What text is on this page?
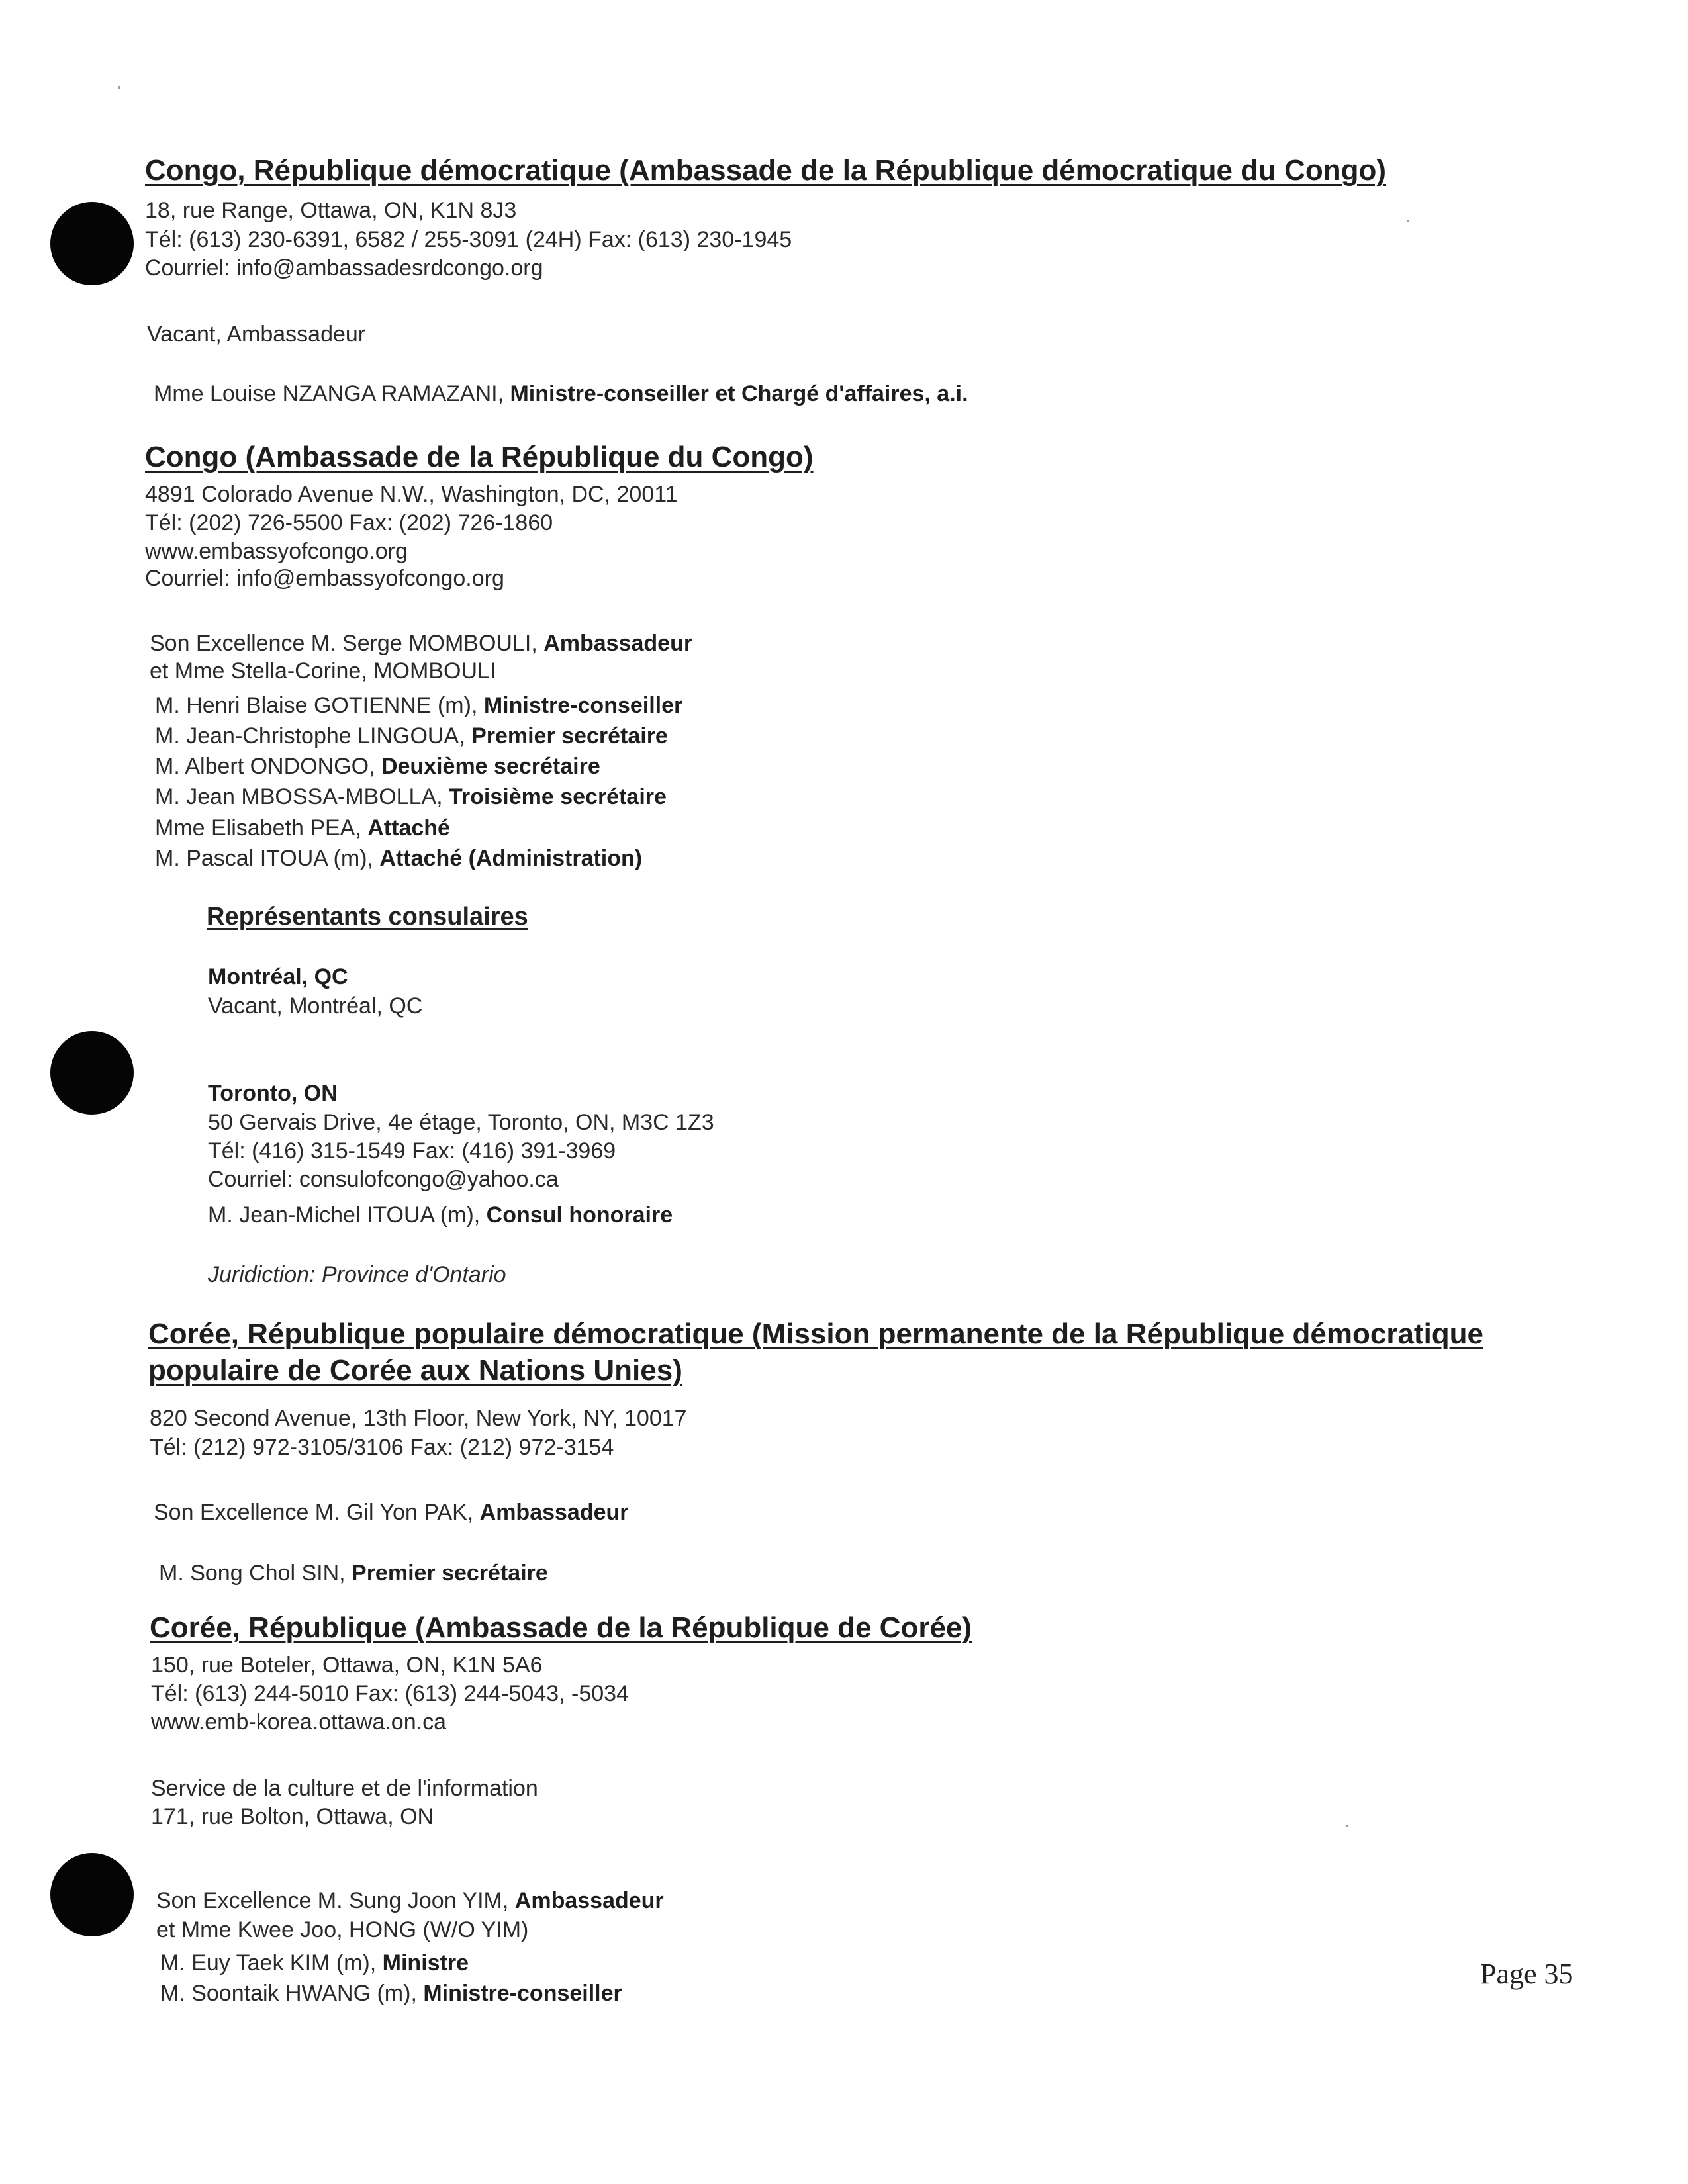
Congo, République démocratique (Ambassade de la République démocratique du Congo)
18, rue Range, Ottawa, ON, K1N 8J3
Tél: (613) 230-6391, 6582 / 255-3091 (24H) Fax: (613) 230-1945
Courriel: info@ambassadesrdcongo.org
Vacant, Ambassadeur
Mme Louise NZANGA RAMAZANI, Ministre-conseiller et Chargé d'affaires, a.i.
Congo (Ambassade de la République du Congo)
4891 Colorado Avenue N.W., Washington, DC, 20011
Tél: (202) 726-5500 Fax: (202) 726-1860
www.embassyofcongo.org
Courriel: info@embassyofcongo.org
Son Excellence M. Serge MOMBOULI, Ambassadeur
et Mme Stella-Corine, MOMBOULI
M. Henri Blaise GOTIENNE (m), Ministre-conseiller
M. Jean-Christophe LINGOUA, Premier secrétaire
M. Albert ONDONGO, Deuxième secrétaire
M. Jean MBOSSA-MBOLLA, Troisième secrétaire
Mme Elisabeth PEA, Attaché
M. Pascal ITOUA (m), Attaché (Administration)
Représentants consulaires
Montréal, QC
Vacant, Montréal, QC
Toronto, ON
50 Gervais Drive, 4e étage, Toronto, ON, M3C 1Z3
Tél: (416) 315-1549 Fax: (416) 391-3969
Courriel: consulofcongo@yahoo.ca
M. Jean-Michel ITOUA (m), Consul honoraire
Juridiction: Province d'Ontario
Corée, République populaire démocratique (Mission permanente de la République démocratique
populaire de Corée aux Nations Unies)
820 Second Avenue, 13th Floor, New York, NY, 10017
Tél: (212) 972-3105/3106 Fax: (212) 972-3154
Son Excellence M. Gil Yon PAK, Ambassadeur
M. Song Chol SIN, Premier secrétaire
Corée, République (Ambassade de la République de Corée)
150, rue Boteler, Ottawa, ON, K1N 5A6
Tél: (613) 244-5010 Fax: (613) 244-5043, -5034
www.emb-korea.ottawa.on.ca
Service de la culture et de l'information
171, rue Bolton, Ottawa, ON
Son Excellence M. Sung Joon YIM, Ambassadeur
et Mme Kwee Joo, HONG (W/O YIM)
M. Euy Taek KIM (m), Ministre
M. Soontaik HWANG (m), Ministre-conseiller
Page 35
